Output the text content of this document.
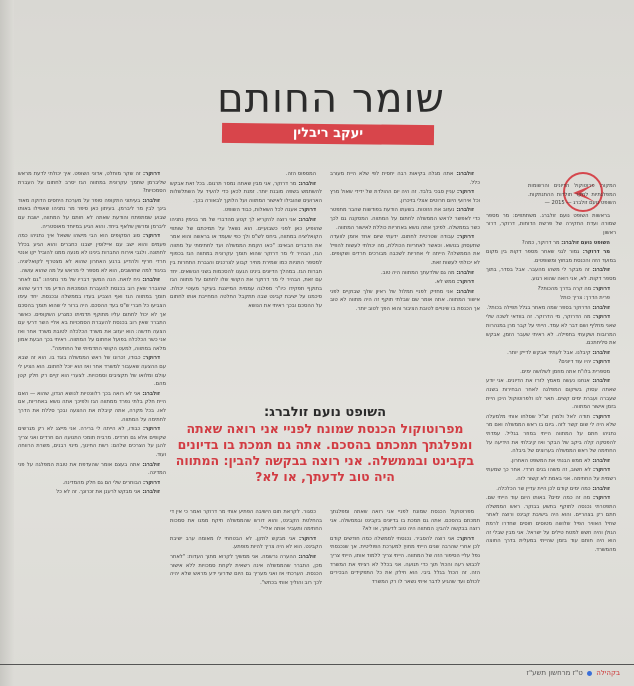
שומר החותם
יעקב ריבלין
המקור: פרוטוקול הדיונים והרשומות המפלגתיות לחקר תולדות ההתנתקות. השופט נועם זולברג — 2015 —

בראשות השופט נועם זולברג. משתתפים: מר מספר שמורה ועדת החקירה של פרשת הדוחות, דרוקר, דרור ראשון

השופט נועם זולברג: מר דרוקר, כמה?

מר דרוקר: גמור לגני שאחר מספר דקות בין מקום במועד הזה והכנסת מבחוץ ומשופטים.

זולברג: זה מבקר לי משהו מהעבר. אבל בסדר, בתוך מספר דקות. לא, אני רואה שהוא רגוע.

דרוקר: מה קרה בדרך מהכותל?

פרית הדרך: צריך כותל

זולברג: הדרוקר בספר שמה מאחר בגלל תפילה בכותל.

דרוקר: מה הדרוקר, מי הדרוקר. זה בוודאי לשכה שלי שאני מחליף ושם דבר לא עמד. הייתי על קבר מרן במנהרות המרובות ושקעתי בתפילה. לא ראיתי שעבר הזמן, אבקש את סליחתכם.

זולברג: קיבלנו. אבל לעתיד אבקש לדייק יותר.

דרוקר: יהיו עוד דיונים?

מספרית בלו"ח אתה מוזמן לשלושה ימים.

זולברג: אנחנו נעשה מאמץ לזרז את הדיונים. אני יודע שאתה עסוק בשיקום המפלגה לאחר הבחירות בשנה שעברה ועברת ימים קשים. תאר לנו ולפרוטוקול היכן היית בזמן אישור המתווה.

דרוקר: תודה לאל ולמרן זצ"ל שסלחו אותי מלמעלה שלא היה לי שום קשר לזה. ביום בו ראש הממשלה ואם מר נתניהו חתם על המתווה הייתי במוזר בגליל. עמדתי להפסקה קלה ביקב של הבקר ואז קיבלתי את הידיעה על החתימה של ראש הממשלה בערוצים של ביבלה.

זולברג: לא ממש הבנתי את המשפט האחרון.

דרוקר: לא חשוב, זה משהו בנים חרדי. אחר כך שמעתי רשמית על החתימה. אני באמת לא קשור לזה.

זולברג: כמה ימים קודם לכן היית עדיין שר הכלכלה.

דרוקר: מה זה כמה ימים? באותו היום עוד הייתי שם. התפטרתי נכנסה לתוקף בתשע בבוקר. ראש הממשלה חתם רק בצהריים. והוא היה בישיבת קבינט ורוצה לאחר שחיל האוויר הפיל שלושה מטוסים חוסים שחדרו לרמת הגולן והיה חשש למטח טילים על ישראל. אני מבין שבלי זה הוא היה חותם עוד בזמן שהייתי במעלית בדרך החוצה מהמשרד.

זולברג: אתה מגלה בקיאות רבה יחסית לפי שלא היית מעורב כלל.

דרוקר: עניין סבכי בלבד. זה היה יום ההולדת של ידידי שאול מרץ וכל אירועי היום חרוטים אצלי בזיכרון.

זולברג: נעזוב את הזוטות. בשעתו הודעת בפודשות שהבר מתפטר כדי לאפשר לראש הממשלה לחתום על המתווה. המסקנה גם לכך כשר בממשלה. לפיכך אתה נושא באחריות כוללת לאישור המתווה.

דרוקר: עבודה שטרטית לחתום. ידעתי שיום אחד אזמן לוועדה שתעסוק בנושא. וכאשר לאחריות הכוללת, מה יכולתי לעשות להפיל את הממשלה? הייתה לי אחריות לשכבה מבורכים חרדים ושקופים. לא יכולתי לעשות זאת.

זולברג: מה גם שלדעתך המתווה היה טוב.

דרוקר: ממש לא.

זולברג: אני מחזיק לפניי תמלול של ראיון שלך שבוקיים לפני אישור המתווה. אתה אומר שם שבלתי תוקף זה היה מתווה לא טוב אך הכנסת בו שינויים לטובת הציבור והוא הפך לטוב יותר.

המספוס הזה.

זולברג: מר דרוקר, אני מבין שאתה נמסר תרגום. בכל זאת אבקש להשתמש בשפה מובנת יותר. זמנת לכאן כדי להעיד על השתלשלות הארועים שהובילו לאישור המתווה ועל הלוקך לבאורה בכך.

דרוקר: אענה לכל השאלות, כבוד השופט.

זולברג: אני רוצה להקריא לך קטע מהדברי של מר בנימין נתניהו שהופיע כאן לפני כשבועיים. הוא נשאל על תמיכתם של שותפי הקואליציה במתווה, ביחס לש"ס ולך כפי שעמד או בראשה והוא אמר את הדברים הבאים: "כאו הקמת הממשלה ועד לחתימתי על מתווה הגז, הבהיר לי מר דרוקר שהוא תומך עקרונית במתווה הגז בכפוף למספר התניות כמו שמירת מחיר קבוע לצרכנים והגברת התחרות בין חברות הגז. במהלך הדיונים בינינו הגענו להסכמות בשני הנושאים. יחד עם זאת, הבהיר לי מר דרוקר את הקושי שלו לחתום על מתווה הגז בתוקף תפקידו כיו"ר מפלגה עממית המייצגת בעיקר מעוטי יכולת. סיכמנו על ישיבת קבינט שבה תתקבל החלטה המחייבת אותו לחתום על ההסכם ובכך ראיתי את הנושא

דרוקר: זה שקר מוחלט, אדוני השופט. איך יכולתי לדעת מראש שליברמן שתמך עקרונית במתווה הגז יסרב לחתום על העברת הסמכויות?

זולברג: בעיתוני התקופה סופר על מערכת היחסים הדוקה מאוד בינך לבין מר ליברמן. בעיתון כאן סיפר מר נתניהו שאפילו באותו שבוע שמתפתח והודעת שאתה לא חותם על המתווה, ישבת עם ליברמן ומרשין שלאף ביחד. והוא הגיע במיוחד מאוסטריה.

דרוקר: סוג הסקופים הוא הבי מישהו ששאל איך נתניהו כמה פעמים והוא ישב עם איילוסין ישבנו כחברים והוא הגיע בכלל לחתונה. ולגבי אירוח החברות בינינו לא מנעה ממנו להוביל יקו אנטי חרדי חריף ולהדיע ברגע האחרון שהוא לא מצטרף לקואליציה. בניגוד למה שחושבים, הוא לא מספר לי מראש על מה שהוא עושה.

זולברג: ניח לזאת. הנה המשך דבריו של מר נתניהו: "גם לאחר שהוברר שאין רוב בכנסת להעברת הסמכויות הודיע מר דרעי שהוא תומך במתווה הגז ואף הצביע בעדו בממשלה ובכנסת. יחד עימו הצביעו כל חברי ש"ס בעד ההסכם. היה ברור לי שהוא תומך בהסכם אך לא יכול לחתום עליו מתוקף תדמיתו כמגרע השקופים. כאשר התברר שאין רוב בכנסת להעברת הסמכויות בא אליי השר דרעי עם הצעה חדשה: הוא יעזוב את משרד הכלכלה לטובת משרד אחר ואז אני כשר הכלכלה בפועל אחתום על המתווה. ראיתי בכך הבעת אמון מלאה במתווה, למעט הקושי התדמיתי של החתימה".

דרוקר: כבודו, זכרונו של ראש הממשלה בוגד בו. הוא זה שבא עם ההצעה שאעבור למשרד אחר ואז הוא יוכל לחתום. הוא הציע לי עולם ומלואו של תקציבים וסמכויות. לצערי הוא קיים רק חלק קטן מהם.

זולברג: אני לא רואה בכך רלוונטיות לנושא הנדון, שהוא — האם היית חלק בלתי נפרד ממתווה הגז ולפיכך אתה נושא באחריות, אם לאו. בכל מקרה, אתה קיבלת את ההצעה ובכך סללת את הדרך לחתימה על המתווה.

דרוקר: כבודו, לא הייתה לי ברירה. אני מייצג לא רק מגרשים שקופים אלא גם חרדים. מרבית תומכי התנועה הם חרדים ואני צריך להגן על הצרכים שלהם: רשת החינוך, מינוי רבנים, משרת הרווחה ועוד.

זולברג: אתה בעצם אומר שהעדפת את טובת המפלגה על פני המדינה.

דרוקר: הבוחרים שלי הם גם חלק מהמדינה.

זולברג: אני מבקש לרענן את זכרונך. זה לא כל

השופט נועם זולברג:
מפרוטוקול הכנסת שמונח לפניי אני רואה שאתה ומפלגתך תמכתם בהסכם. אתה גם תמכת בו בדיונים בקבינט ובממשלה. אני רוצה בבקשה להבין: המתווה היה טוב לדעתך, או לא?

מפרוטוקול הכנסת שמונח לפניי אני רואה שאתה ומפלגתך תמכתם בהסכם. אתה גם תמכת בו בדיונים בקבינט ובממשלה. אני רוצה בבקשה להבין: המתווה היה טוב לדעתך, או לא?

דרוקר: אני רוצה להסביר. נכנסתי לממשלה כמה חודשים קודם לכן אחרי שהרבה שנים הייתי מחוץ למערכת הפוליטית. אך שנכנסתי נפל עליי הסיפור הזה של המתווה. הייתי צריך ללמוד אותו, הייתי צריך לכבוש רעה והכול תוך כדי תנועה. אני בכלל לא רציתי את המשרד הזה. זה הכול בגלל ביבי. הוא חילק את כל התפקידים הבכירים לכולם ועד שהגיע לדבר איתי נשאר לו רק המשרד

כסגור. לקראת תום הישיבה הפתיע אותי מר דרוקר ואמר כי אין די בהחלטת הקבינט, והוא דורש שהממשלה תיקח ממנו את סמכות החתימה ותעביר אותה אליי".

דרוקר: אני מבקש לתקן. לא הבטחתי לו מאומה ערב ישיבת הקבינט. הוא לא היה צריך להיות מופתע.

זולברג: ההערה נרשמה. אני ממשיך לקרוא מתוך העדות: "לאחר מכן, התברר שהממשלה אינה רשאית לקחת סמכויות ללא אישור הכנסת. הערכתי אז ואני מעריך גם היום שדרעי ידע מראש שלא יהיה לכך רוב והוליך אותי בכחש".

בקהילה  ט"ז מרחשון תשע"ז
